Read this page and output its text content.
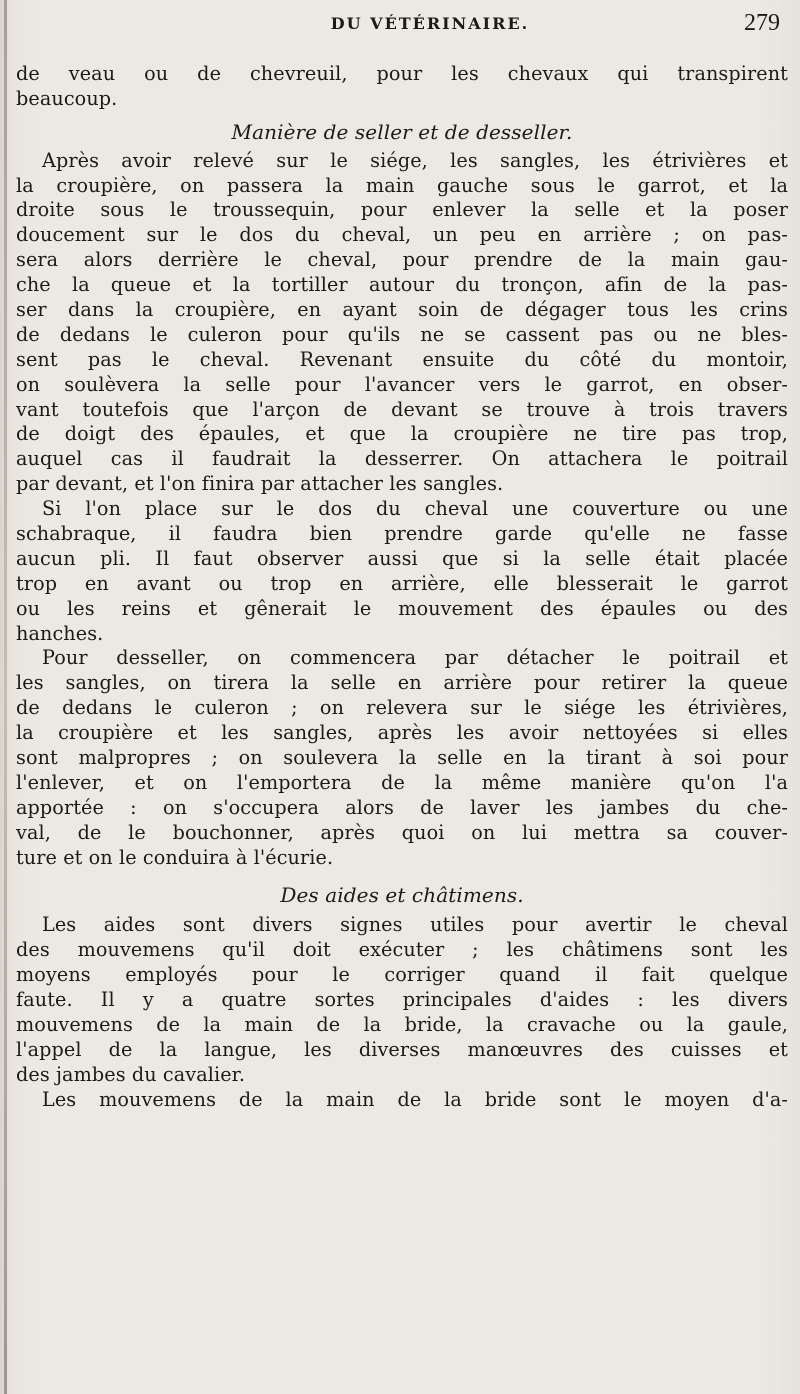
DU VÉTÉRINAIRE.	279
de veau ou de chevreuil, pour les chevaux qui transpirent
beaucoup.
Manière de seller et de desseller.
Après avoir relevé sur le siége, les sangles, les étrivières et
la croupière, on passera la main gauche sous le garrot, et la
droite sous le troussequin, pour enlever la selle et la poser
doucement sur le dos du cheval, un peu en arrière ; on pas-
sera alors derrière le cheval, pour prendre de la main gau-
che la queue et la tortiller autour du tronçon, afin de la pas-
ser dans la croupière, en ayant soin de dégager tous les crins
de dedans le culeron pour qu'ils ne se cassent pas ou ne bles-
sent pas le cheval. Revenant ensuite du côté du montoir,
on soulèvera la selle pour l'avancer vers le garrot, en obser-
vant toutefois que l'arçon de devant se trouve à trois travers
de doigt des épaules, et que la croupière ne tire pas trop,
auquel cas il faudrait la desserrer. On attachera le poitrail
par devant, et l'on finira par attacher les sangles.
Si l'on place sur le dos du cheval une couverture ou une
schabraque, il faudra bien prendre garde qu'elle ne fasse
aucun pli. Il faut observer aussi que si la selle était placée
trop en avant ou trop en arrière, elle blesserait le garrot
ou les reins et gênerait le mouvement des épaules ou des
hanches.
Pour desseller, on commencera par détacher le poitrail et
les sangles, on tirera la selle en arrière pour retirer la queue
de dedans le culeron ; on relevera sur le siége les étrivières,
la croupière et les sangles, après les avoir nettoyées si elles
sont malpropres ; on soulevera la selle en la tirant à soi pour
l'enlever, et on l'emportera de la même manière qu'on l'a
apportée : on s'occupera alors de laver les jambes du che-
val, de le bouchonner, après quoi on lui mettra sa couver-
ture et on le conduira à l'écurie.
Des aides et châtimens.
Les aides sont divers signes utiles pour avertir le cheval
des mouvemens qu'il doit exécuter ; les châtimens sont les
moyens employés pour le corriger quand il fait quelque
faute. Il y a quatre sortes principales d'aides : les divers
mouvemens de la main de la bride, la cravache ou la gaule,
l'appel de la langue, les diverses manœuvres des cuisses et
des jambes du cavalier.
Les mouvemens de la main de la bride sont le moyen d'a-
